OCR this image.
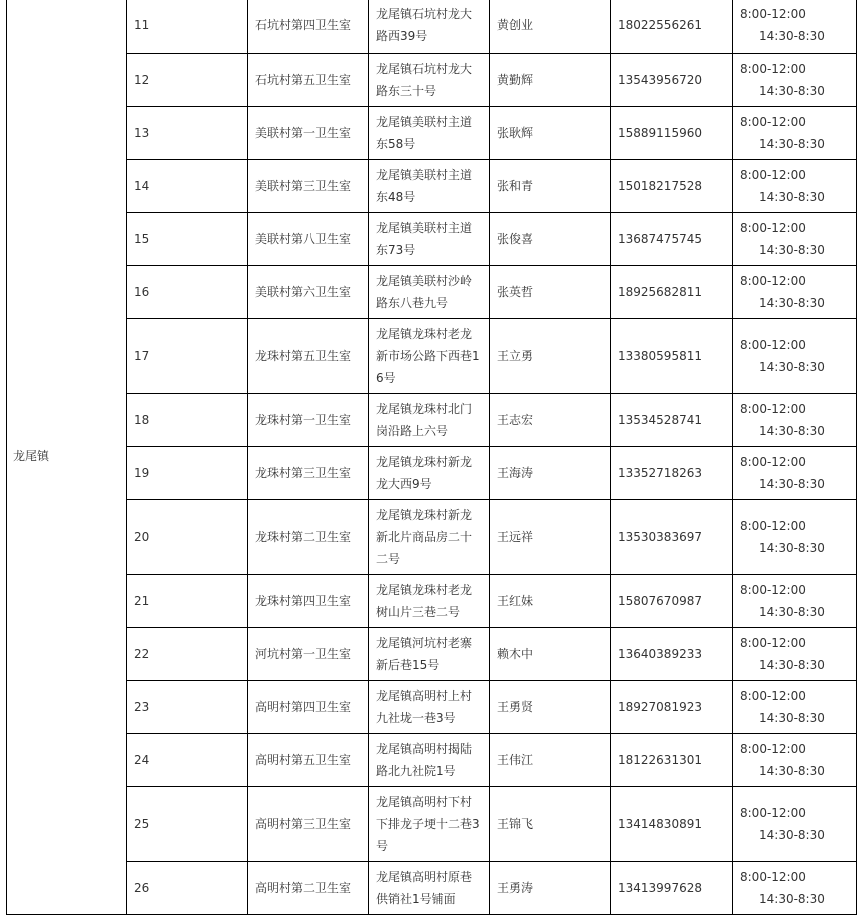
龙尾镇	11	石坑村第四卫生室	龙尾镇石坑村龙大路西39号	黄创业	18022556261	8:00-12:00
14:30-8:30

	12	石坑村第五卫生室	龙尾镇石坑村龙大路东三十号	黄勤辉	13543956720	8:00-12:00
14:30-8:30

	13	美联村第一卫生室	龙尾镇美联村主道东58号	张耿辉	15889115960	8:00-12:00
14:30-8:30

	14	美联村第三卫生室	龙尾镇美联村主道东48号	张和青	15018217528	8:00-12:00
14:30-8:30

	15	美联村第八卫生室	龙尾镇美联村主道东73号	张俊喜	13687475745	8:00-12:00
14:30-8:30

	16	美联村第六卫生室	龙尾镇美联村沙岭路东八巷九号	张英哲	18925682811	8:00-12:00
14:30-8:30

	17	龙珠村第五卫生室	龙尾镇龙珠村老龙新市场公路下西巷16号	王立勇	13380595811	8:00-12:00
14:30-8:30

	18	龙珠村第一卫生室	龙尾镇龙珠村北门岗沿路上六号	王志宏	13534528741	8:00-12:00
14:30-8:30

	19	龙珠村第三卫生室	龙尾镇龙珠村新龙龙大西9号	王海涛	13352718263	8:00-12:00
14:30-8:30

	20	龙珠村第二卫生室	龙尾镇龙珠村新龙新北片商品房二十二号	王远祥	13530383697	8:00-12:00
14:30-8:30

	21	龙珠村第四卫生室	龙尾镇龙珠村老龙树山片三巷二号	王红妹	15807670987	8:00-12:00
14:30-8:30

	22	河坑村第一卫生室	龙尾镇河坑村老寨新后巷15号	赖木中	13640389233	8:00-12:00
14:30-8:30

	23	高明村第四卫生室	龙尾镇高明村上村九社垅一巷3号	王勇贤	18927081923	8:00-12:00
14:30-8:30

	24	高明村第五卫生室	龙尾镇高明村揭陆路北九社院1号	王伟江	18122631301	8:00-12:00
14:30-8:30

	25	高明村第三卫生室	龙尾镇高明村下村下排龙子埂十二巷3号	王锦飞	13414830891	8:00-12:00
14:30-8:30

	26	高明村第二卫生室	龙尾镇高明村原巷供销社1号铺面	王勇涛	13413997628	8:00-12:00
14:30-8:30
